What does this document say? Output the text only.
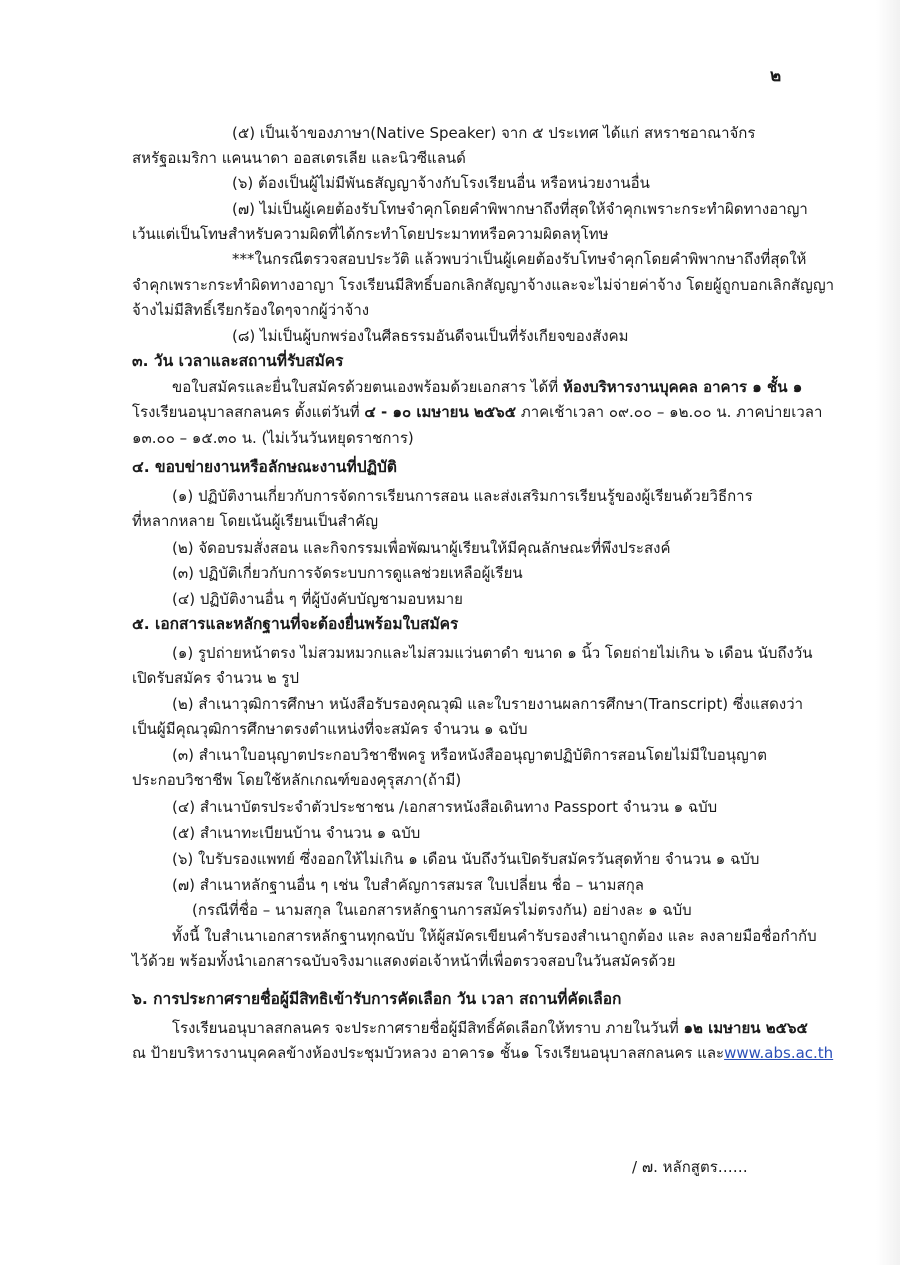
๒
(๕) เป็นเจ้าของภาษา(Native Speaker) จาก ๕ ประเทศ ได้แก่ สหราชอาณาจักร
สหรัฐอเมริกา แคนนาดา ออสเตรเลีย และนิวซีแลนด์
(๖) ต้องเป็นผู้ไม่มีพันธสัญญาจ้างกับโรงเรียนอื่น หรือหน่วยงานอื่น
(๗) ไม่เป็นผู้เคยต้องรับโทษจำคุกโดยคำพิพากษาถึงที่สุดให้จำคุกเพราะกระทำผิดทางอาญา
เว้นแต่เป็นโทษสำหรับความผิดที่ได้กระทำโดยประมาทหรือความผิดลหุโทษ
***ในกรณีตรวจสอบประวัติ แล้วพบว่าเป็นผู้เคยต้องรับโทษจำคุกโดยคำพิพากษาถึงที่สุดให้
จำคุกเพราะกระทำผิดทางอาญา โรงเรียนมีสิทธิ์บอกเลิกสัญญาจ้างและจะไม่จ่ายค่าจ้าง โดยผู้ถูกบอกเลิกสัญญา
จ้างไม่มีสิทธิ์เรียกร้องใดๆจากผู้ว่าจ้าง
(๘) ไม่เป็นผู้บกพร่องในศีลธรรมอันดีจนเป็นที่รังเกียจของสังคม
๓. วัน เวลาและสถานที่รับสมัคร
ขอใบสมัครและยื่นใบสมัครด้วยตนเองพร้อมด้วยเอกสาร ได้ที่ ห้องบริหารงานบุคคล อาคาร ๑ ชั้น ๑
โรงเรียนอนุบาลสกลนคร ตั้งแต่วันที่ ๔ - ๑๐ เมษายน ๒๕๖๕ ภาคเช้าเวลา ๐๙.๐๐ – ๑๒.๐๐ น. ภาคบ่ายเวลา
๑๓.๐๐ – ๑๕.๓๐ น. (ไม่เว้นวันหยุดราชการ)
๔. ขอบข่ายงานหรือลักษณะงานที่ปฏิบัติ
(๑) ปฏิบัติงานเกี่ยวกับการจัดการเรียนการสอน และส่งเสริมการเรียนรู้ของผู้เรียนด้วยวิธีการ
ที่หลากหลาย โดยเน้นผู้เรียนเป็นสำคัญ
(๒) จัดอบรมสั่งสอน และกิจกรรมเพื่อพัฒนาผู้เรียนให้มีคุณลักษณะที่พึงประสงค์
(๓) ปฏิบัติเกี่ยวกับการจัดระบบการดูแลช่วยเหลือผู้เรียน
(๔) ปฏิบัติงานอื่น ๆ ที่ผู้บังคับบัญชามอบหมาย
๕. เอกสารและหลักฐานที่จะต้องยื่นพร้อมใบสมัคร
(๑) รูปถ่ายหน้าตรง ไม่สวมหมวกและไม่สวมแว่นตาดำ ขนาด ๑ นิ้ว โดยถ่ายไม่เกิน ๖ เดือน นับถึงวัน
เปิดรับสมัคร จำนวน ๒ รูป
(๒) สำเนาวุฒิการศึกษา หนังสือรับรองคุณวุฒิ และใบรายงานผลการศึกษา(Transcript) ซึ่งแสดงว่า
เป็นผู้มีคุณวุฒิการศึกษาตรงตำแหน่งที่จะสมัคร จำนวน ๑ ฉบับ
(๓) สำเนาใบอนุญาตประกอบวิชาชีพครู หรือหนังสืออนุญาตปฏิบัติการสอนโดยไม่มีใบอนุญาต
ประกอบวิชาชีพ โดยใช้หลักเกณฑ์ของคุรุสภา(ถ้ามี)
(๔) สำเนาบัตรประจำตัวประชาชน /เอกสารหนังสือเดินทาง Passport จำนวน ๑ ฉบับ
(๕) สำเนาทะเบียนบ้าน จำนวน ๑ ฉบับ
(๖) ใบรับรองแพทย์ ซึ่งออกให้ไม่เกิน ๑ เดือน นับถึงวันเปิดรับสมัครวันสุดท้าย จำนวน ๑ ฉบับ
(๗) สำเนาหลักฐานอื่น ๆ เช่น ใบสำคัญการสมรส ใบเปลี่ยน ชื่อ – นามสกุล
(กรณีที่ชื่อ – นามสกุล ในเอกสารหลักฐานการสมัครไม่ตรงกัน) อย่างละ ๑ ฉบับ
ทั้งนี้ ใบสำเนาเอกสารหลักฐานทุกฉบับ ให้ผู้สมัครเขียนคำรับรองสำเนาถูกต้อง และ ลงลายมือชื่อกำกับ
ไว้ด้วย พร้อมทั้งนำเอกสารฉบับจริงมาแสดงต่อเจ้าหน้าที่เพื่อตรวจสอบในวันสมัครด้วย
๖. การประกาศรายชื่อผู้มีสิทธิเข้ารับการคัดเลือก วัน เวลา สถานที่คัดเลือก
โรงเรียนอนุบาลสกลนคร จะประกาศรายชื่อผู้มีสิทธิ์คัดเลือกให้ทราบ ภายในวันที่ ๑๒ เมษายน ๒๕๖๕
ณ ป้ายบริหารงานบุคคลข้างห้องประชุมบัวหลวง อาคาร๑ ชั้น๑ โรงเรียนอนุบาลสกลนคร และwww.abs.ac.th
/ ๗. หลักสูตร……
